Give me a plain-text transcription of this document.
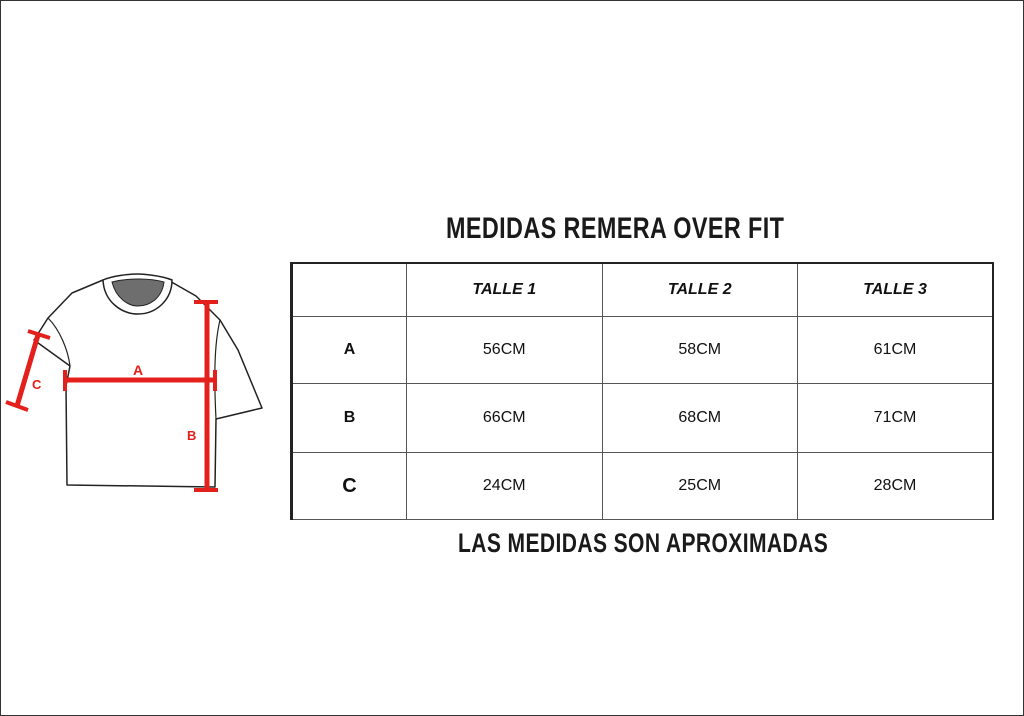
MEDIDAS REMERA OVER FIT
A
B
C
	TALLE 1	TALLE 2	TALLE 3
A	56CM	58CM	61CM
B	66CM	68CM	71CM
C	24CM	25CM	28CM
LAS MEDIDAS SON APROXIMADAS
